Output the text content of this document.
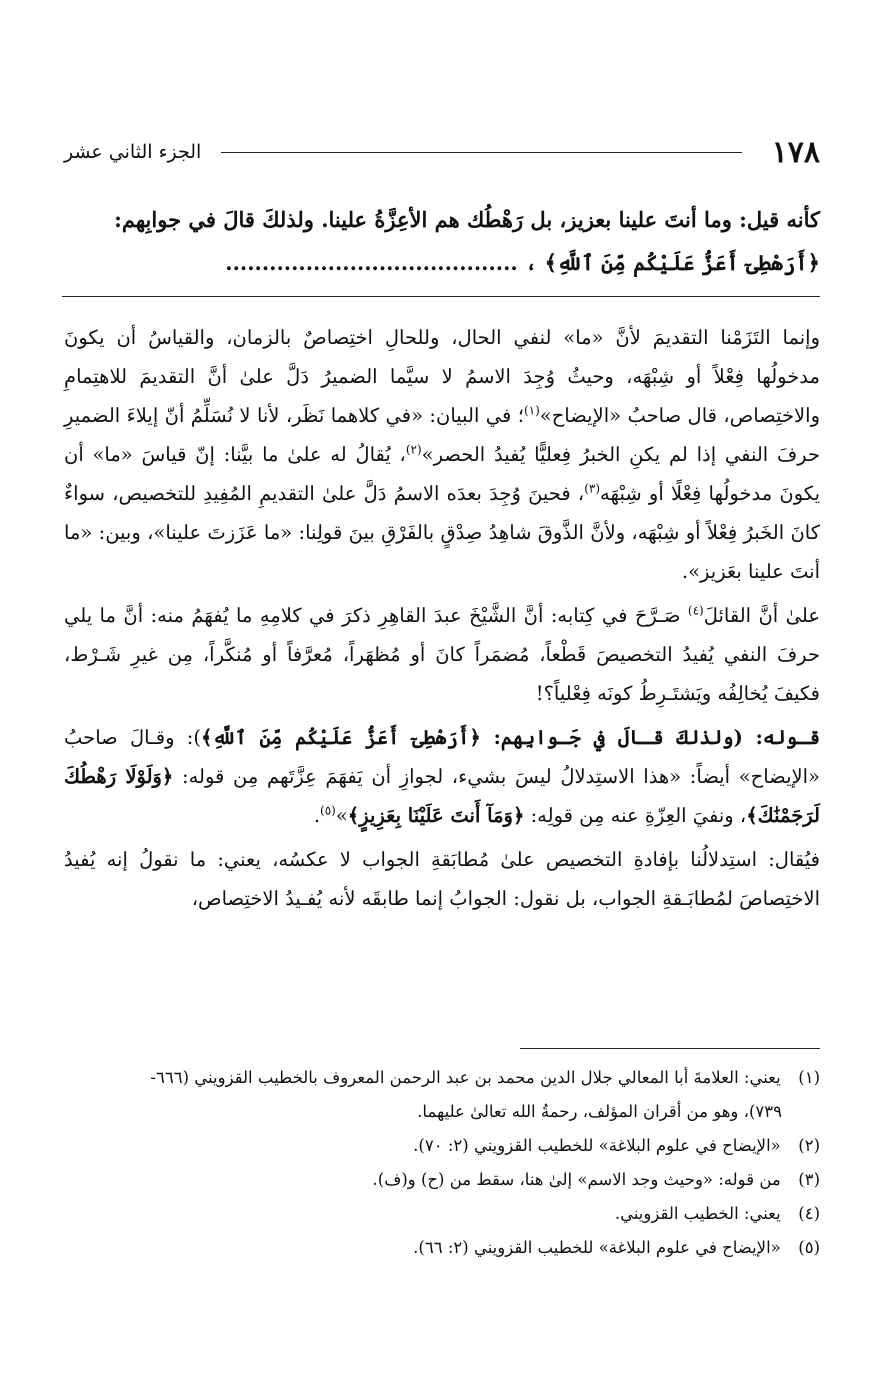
١٧٨
الجزء الثاني عشر

كأنه قيل: وما أنتَ علينا بعزيز، بل رَهْطُك هم الأعِزَّةُ علينا. ولذلكَ قالَ في جوابِهم:

﴿أَرَهْطِىٓ أَعَزُّ عَلَيْكُم مِّنَ ٱللَّهِ﴾ ، ........................................

وإنما التَزَمْنا التقديمَ لأنَّ «ما» لنفي الحال، وللحالِ اختِصاصٌ بالزمان، والقياسُ أن يكونَ مدخولُها فِعْلاً أو شِبْهَه، وحيثُ وُجِدَ الاسمُ لا سيَّما الضميرُ دَلَّ علىٰ أنَّ التقديمَ للاهتِمامِ والاختِصاص، قال صاحبُ «الإيضاح»$^{(١)}$؛ في البيان: «في كلاهما نَظَر، لأنا لا نُسَلِّمُ أنّ إيلاءَ الضميرِ حرفَ النفي إذا لم يكنِ الخبرُ فِعليًّا يُفيدُ الحصر»$^{(٢)}$، يُقالُ له علىٰ ما بيَّنا: إنّ قياسَ «ما» أن يكونَ مدخولُها فِعْلًا أو شِبْهَه$^{(٣)}$، فحينَ وُجِدَ بعدَه الاسمُ دَلَّ علىٰ التقديمِ المُفِيدِ للتخصيص، سواءٌ كانَ الخَبرُ فِعْلاً أو شِبْهَه، ولأنَّ الذَّوقَ شاهِدُ صِدْقٍ بالفَرْقِ بينَ قولِنا: «ما عَزَزتَ علينا»، وبين: «ما أنتَ علينا بعَزيز».

علىٰ أنَّ القائلَ$^{(٤)}$ صَـرَّحَ في كِتابه: أنَّ الشَّيْخَ عبدَ القاهِرِ ذكرَ في كلامِهِ ما يُفهَمُ منه: أنَّ ما يلي حرفَ النفي يُفيدُ التخصيصَ قَطْعاً، مُضمَراً كانَ أو مُظهَراً، مُعرَّفاً أو مُنكَّراً، مِن غيرِ شَـرْط، فكيفَ يُخالِفُه ويَشتَـرِطُ كونَه فِعْلياً؟!

قـوله: (ولذلكَ قـالَ في جَـوابِهم: ﴿أَرَهْطِىٓ أَعَزُّ عَلَيْكُم مِّنَ ٱللَّهِ﴾): وقـالَ صاحبُ «الإيضاح» أيضاً: «هذا الاستِدلالُ ليسَ بشيء، لجوازِ أن يَفهَمَ عِزَّتَهم مِن قوله: ﴿وَلَوْلَا رَهْطُكَ لَرَجَمْنَٰكَ﴾، ونفيَ العِزّةِ عنه مِن قولِه: ﴿وَمَآ أَنتَ عَلَيْنَا بِعَزِيزٍ﴾»$^{(٥)}$.

فيُقال: استِدلالُنا بإفادةِ التخصيص علىٰ مُطابَقةِ الجواب لا عكسُه، يعني: ما نقولُ إنه يُفيدُ الاختِصاصَ لمُطابَـقةِ الجواب، بل نقول: الجوابُ إنما طابقَه لأنه يُفـيدُ الاختِصاص،

(١) يعني: العلامةَ أبا المعالي جلال الدين محمد بن عبد الرحمن المعروف بالخطيب القزويني (٦٦٦-

٧٣٩)، وهو من أقران المؤلف، رحمةُ الله تعالىٰ عليهما.

(٢) «الإيضاح في علوم البلاغة» للخطيب القزويني (٢: ٧٠).

(٣) من قوله: «وحيث وجد الاسم» إلىٰ هنا، سقط من (ح) و(ف).

(٤) يعني: الخطيب القزويني.

(٥) «الإيضاح في علوم البلاغة» للخطيب القزويني (٢: ٦٦).
